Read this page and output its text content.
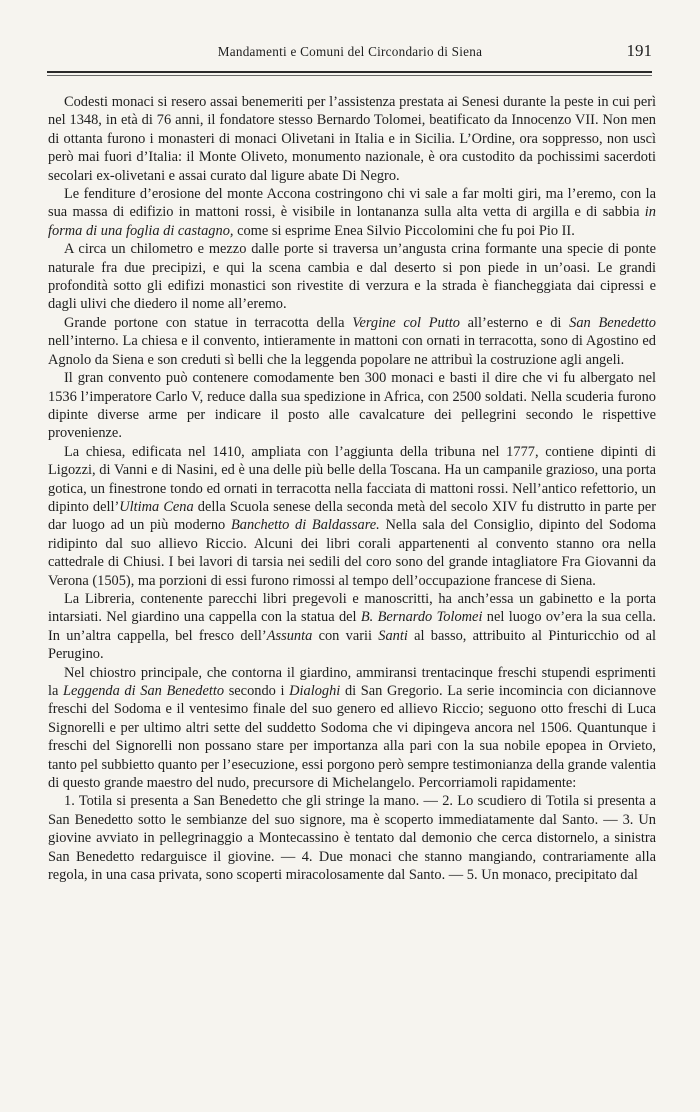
Mandamenti e Comuni del Circondario di Siena	191

Codesti monaci si resero assai benemeriti per l’assistenza prestata ai Senesi durante la peste in cui perì nel 1348, in età di 76 anni, il fondatore stesso Bernardo Tolomei, beatificato da Innocenzo VII. Non men di ottanta furono i monasteri di monaci Olivetani in Italia e in Sicilia. L’Ordine, ora soppresso, non uscì però mai fuori d’Italia: il Monte Oliveto, monumento nazionale, è ora custodito da pochissimi sacerdoti secolari ex-olivetani e assai curato dal ligure abate Di Negro.

Le fenditure d’erosione del monte Accona costringono chi vi sale a far molti giri, ma l’eremo, con la sua massa di edifizio in mattoni rossi, è visibile in lontananza sulla alta vetta di argilla e di sabbia in forma di una foglia di castagno, come si esprime Enea Silvio Piccolomini che fu poi Pio II.

A circa un chilometro e mezzo dalle porte si traversa un’angusta crina formante una specie di ponte naturale fra due precipizi, e qui la scena cambia e dal deserto si pon piede in un’oasi. Le grandi profondità sotto gli edifizi monastici son rivestite di verzura e la strada è fiancheggiata dai cipressi e dagli ulivi che diedero il nome all’eremo.

Grande portone con statue in terracotta della Vergine col Putto all’esterno e di San Benedetto nell’interno. La chiesa e il convento, intieramente in mattoni con ornati in terracotta, sono di Agostino ed Agnolo da Siena e son creduti sì belli che la leggenda popolare ne attribuì la costruzione agli angeli.

Il gran convento può contenere comodamente ben 300 monaci e basti il dire che vi fu albergato nel 1536 l’imperatore Carlo V, reduce dalla sua spedizione in Africa, con 2500 soldati. Nella scuderia furono dipinte diverse arme per indicare il posto alle cavalcature dei pellegrini secondo le rispettive provenienze.

La chiesa, edificata nel 1410, ampliata con l’aggiunta della tribuna nel 1777, contiene dipinti di Ligozzi, di Vanni e di Nasini, ed è una delle più belle della Toscana. Ha un campanile grazioso, una porta gotica, un finestrone tondo ed ornati in terracotta nella facciata di mattoni rossi. Nell’antico refettorio, un dipinto dell’Ultima Cena della Scuola senese della seconda metà del secolo XIV fu distrutto in parte per dar luogo ad un più moderno Banchetto di Baldassare. Nella sala del Consiglio, dipinto del Sodoma ridipinto dal suo allievo Riccio. Alcuni dei libri corali appartenenti al convento stanno ora nella cattedrale di Chiusi. I bei lavori di tarsia nei sedili del coro sono del grande intagliatore Fra Giovanni da Verona (1505), ma porzioni di essi furono rimossi al tempo dell’occupazione francese di Siena.

La Libreria, contenente parecchi libri pregevoli e manoscritti, ha anch’essa un gabinetto e la porta intarsiati. Nel giardino una cappella con la statua del B. Bernardo Tolomei nel luogo ov’era la sua cella. In un’altra cappella, bel fresco dell’Assunta con varii Santi al basso, attribuito al Pinturicchio od al Perugino.

Nel chiostro principale, che contorna il giardino, ammiransi trentacinque freschi stupendi esprimenti la Leggenda di San Benedetto secondo i Dialoghi di San Gregorio. La serie incomincia con diciannove freschi del Sodoma e il ventesimo finale del suo genero ed allievo Riccio; seguono otto freschi di Luca Signorelli e per ultimo altri sette del suddetto Sodoma che vi dipingeva ancora nel 1506. Quantunque i freschi del Signorelli non possano stare per importanza alla pari con la sua nobile epopea in Orvieto, tanto pel subbietto quanto per l’esecuzione, essi porgono però sempre testimonianza della grande valentia di questo grande maestro del nudo, precursore di Michelangelo. Percorriamoli rapidamente:

1. Totila si presenta a San Benedetto che gli stringe la mano. — 2. Lo scudiero di Totila si presenta a San Benedetto sotto le sembianze del suo signore, ma è scoperto immediatamente dal Santo. — 3. Un giovine avviato in pellegrinaggio a Montecassino è tentato dal demonio che cerca distornelo, a sinistra San Benedetto redarguisce il giovine. — 4. Due monaci che stanno mangiando, contrariamente alla regola, in una casa privata, sono scoperti miracolosamente dal Santo. — 5. Un monaco, precipitato dal
